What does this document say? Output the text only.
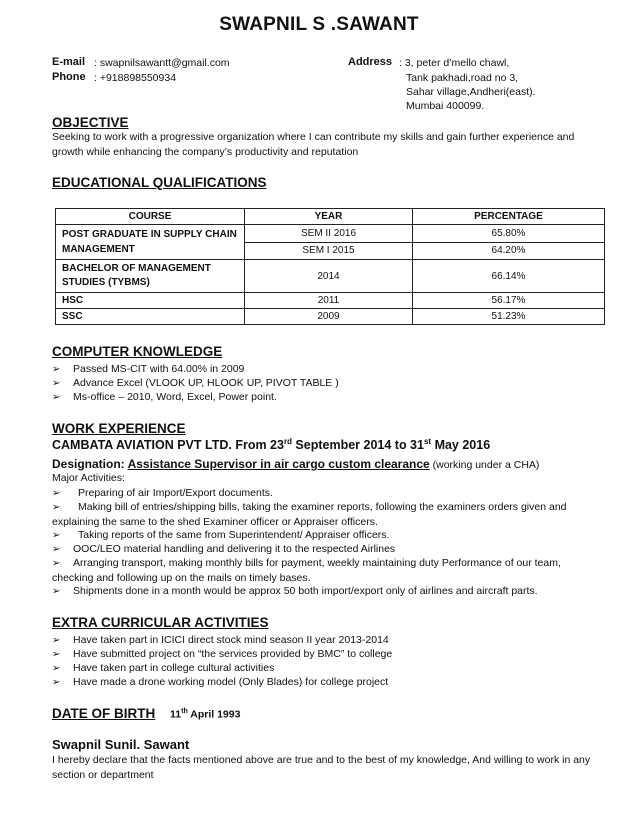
SWAPNIL S .SAWANT
E-mail : swapnilsawantt@gmail.com
Phone : +918898550934
Address : 3, peter d’mello chawl,
Tank pakhadi,road no 3,
Sahar village,Andheri(east).
Mumbai 400099.
OBJECTIVE
Seeking to work with a progressive organization where I can contribute my skills and gain further experience and growth while enhancing the company’s productivity and reputation
EDUCATIONAL QUALIFICATIONS
COURSE	YEAR	PERCENTAGE
POST GRADUATE IN SUPPLY CHAIN MANAGEMENT	SEM II 2016	65.80%
	SEM I 2015	64.20%
BACHELOR OF MANAGEMENT STUDIES (TYBMS)	2014	66.14%
HSC	2011	56.17%
SSC	2009	51.23%
COMPUTER KNOWLEDGE
➢ Passed MS-CIT with 64.00% in 2009
➢ Advance Excel (VLOOK UP, HLOOK UP, PIVOT TABLE )
➢ Ms-office – 2010, Word, Excel, Power point.
WORK EXPERIENCE
CAMBATA AVIATION PVT LTD. From 23rd September 2014 to 31st May 2016
Designation: Assistance Supervisor in air cargo custom clearance (working under a CHA)
Major Activities:
➢ Preparing of air Import/Export documents.
➢ Making bill of entries/shipping bills, taking the examiner reports, following the examiners orders given and explaining the same to the shed Examiner officer or Appraiser officers.
➢ Taking reports of the same from Superintendent/ Appraiser officers.
➢ OOC/LEO material handling and delivering it to the respected Airlines
➢ Arranging transport, making monthly bills for payment, weekly maintaining duty Performance of our team, checking and following up on the mails on timely bases.
➢ Shipments done in a month would be approx 50 both import/export only of airlines and aircraft parts.
EXTRA CURRICULAR ACTIVITIES
➢ Have taken part in ICICI direct stock mind season II year 2013-2014
➢ Have submitted project on “the services provided by BMC” to college
➢ Have taken part in college cultural activities
➢ Have made a drone working model (Only Blades) for college project
DATE OF BIRTH 11th April 1993
Swapnil Sunil. Sawant
I hereby declare that the facts mentioned above are true and to the best of my knowledge, And willing to work in any section or department
